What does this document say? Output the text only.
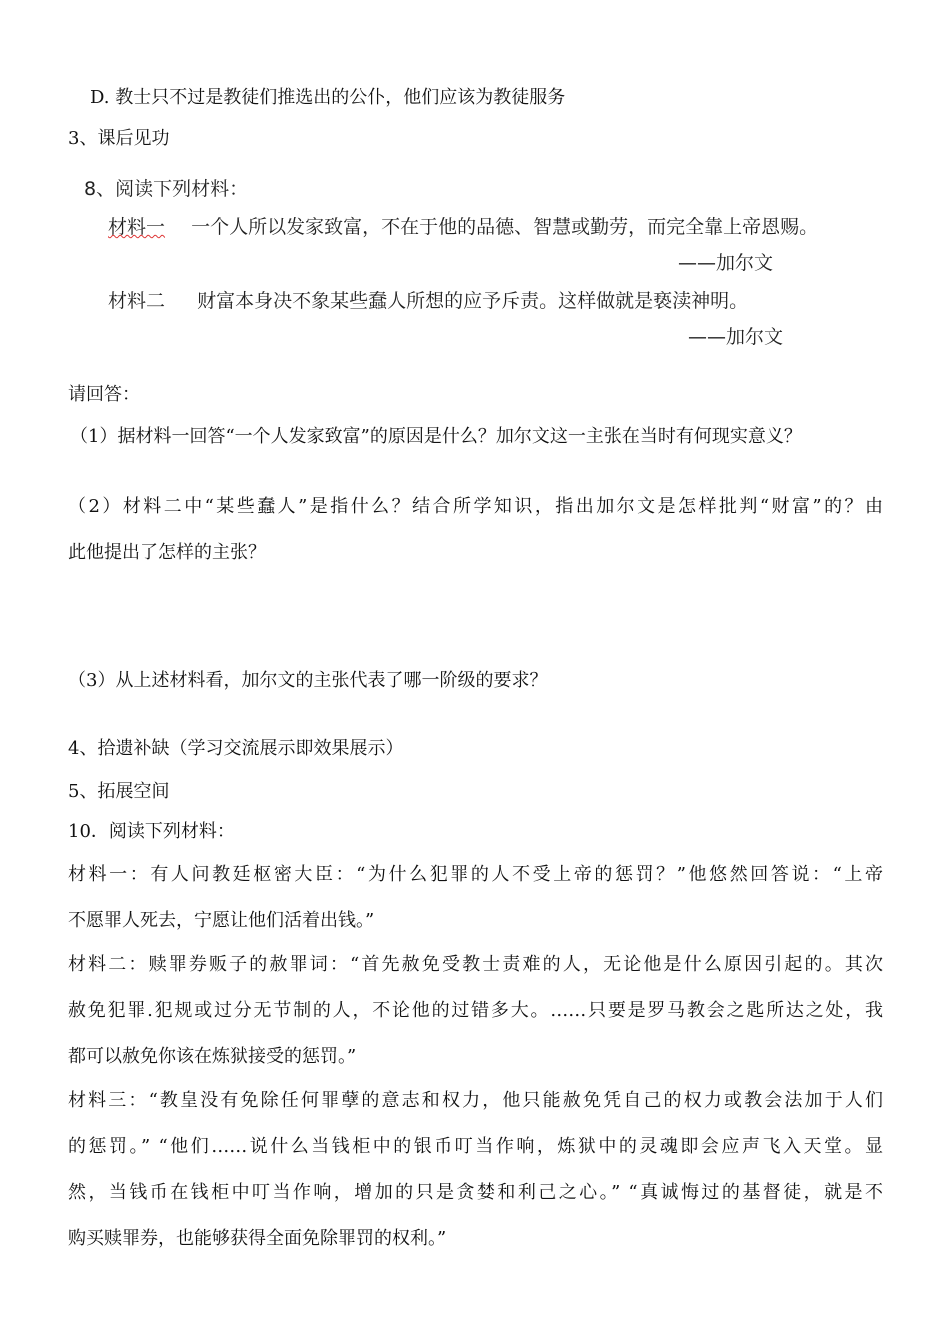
D. 教士只不过是教徒们推选出的公仆，他们应该为教徒服务
3、课后见功
8、阅读下列材料：
材料一 一个人所以发家致富，不在于他的品德、智慧或勤劳，而完全靠上帝恩赐。
——加尔文
材料二 财富本身决不象某些蠢人所想的应予斥责。这样做就是亵渎神明。
——加尔文
请回答：
（1）据材料一回答“一个人发家致富”的原因是什么？加尔文这一主张在当时有何现实意义？
（2）材料二中“某些蠢人”是指什么？结合所学知识，指出加尔文是怎样批判“财富”的？由
此他提出了怎样的主张？
（3）从上述材料看，加尔文的主张代表了哪一阶级的要求？
4、拾遗补缺（学习交流展示即效果展示）
5、拓展空间
10．阅读下列材料：
材料一：有人问教廷枢密大臣：“为什么犯罪的人不受上帝的惩罚？”他悠然回答说：“上帝
不愿罪人死去，宁愿让他们活着出钱。”
材料二：赎罪券贩子的赦罪词：“首先赦免受教士责难的人，无论他是什么原因引起的。其次
赦免犯罪.犯规或过分无节制的人，不论他的过错多大。……只要是罗马教会之匙所达之处，我
都可以赦免你该在炼狱接受的惩罚。”
材料三：“教皇没有免除任何罪孽的意志和权力，他只能赦免凭自己的权力或教会法加于人们
的惩罚。” “他们……说什么当钱柜中的银币叮当作响，炼狱中的灵魂即会应声飞入天堂。显
然，当钱币在钱柜中叮当作响，增加的只是贪婪和利己之心。” “真诚悔过的基督徒，就是不
购买赎罪券，也能够获得全面免除罪罚的权利。”
